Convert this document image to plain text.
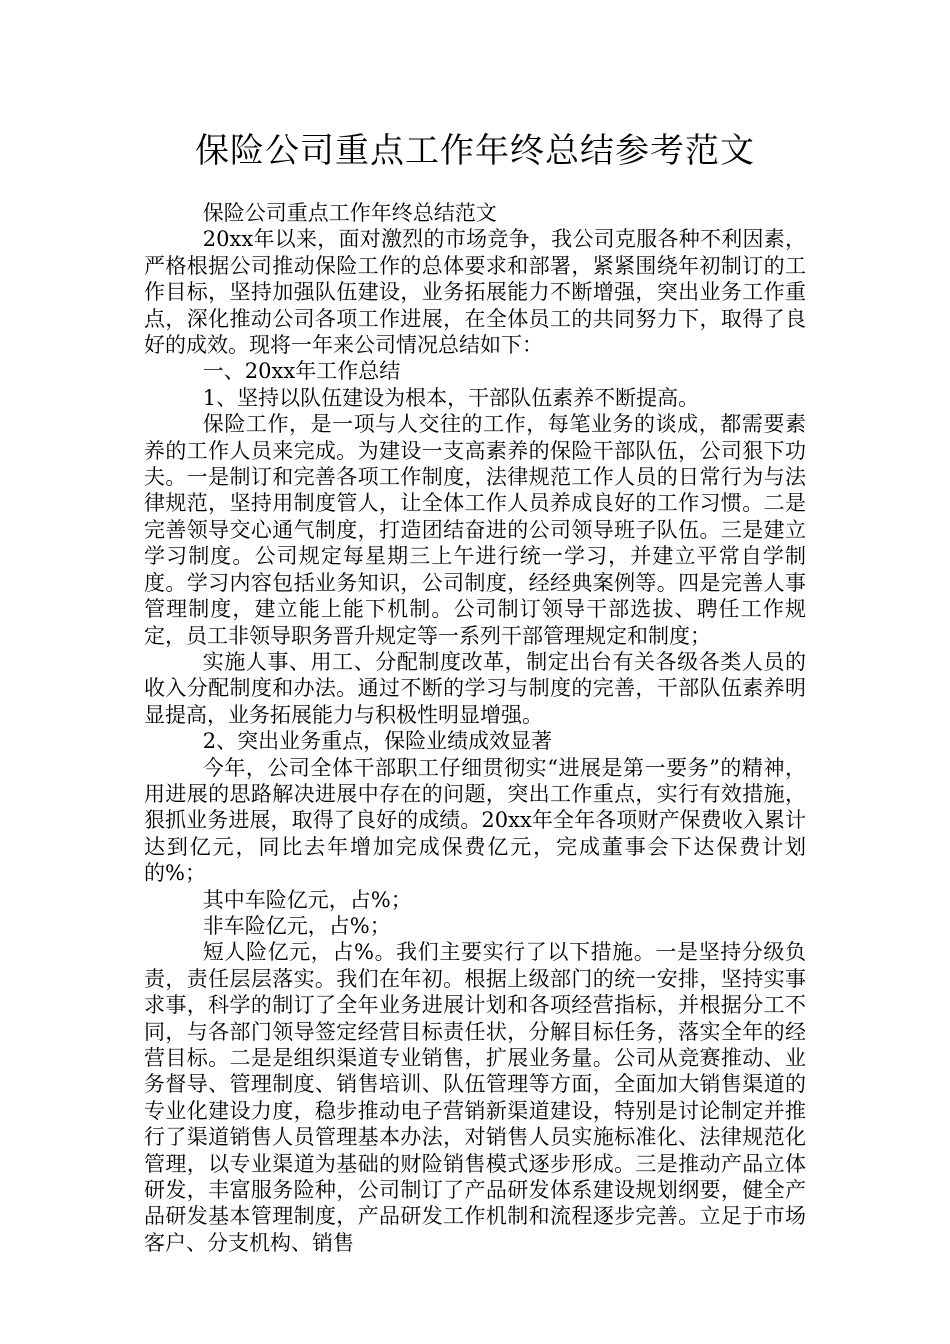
保险公司重点工作年终总结参考范文

保险公司重点工作年终总结范文

20xx年以来，面对激烈的市场竞争，我公司克服各种不利因素，严格根据公司推动保险工作的总体要求和部署，紧紧围绕年初制订的工作目标，坚持加强队伍建设，业务拓展能力不断增强，突出业务工作重点，深化推动公司各项工作进展，在全体员工的共同努力下，取得了良好的成效。现将一年来公司情况总结如下：

一、20xx年工作总结

1、坚持以队伍建设为根本，干部队伍素养不断提高。

保险工作，是一项与人交往的工作，每笔业务的谈成，都需要素养的工作人员来完成。为建设一支高素养的保险干部队伍，公司狠下功夫。一是制订和完善各项工作制度，法律规范工作人员的日常行为与法律规范，坚持用制度管人，让全体工作人员养成良好的工作习惯。二是完善领导交心通气制度，打造团结奋进的公司领导班子队伍。三是建立学习制度。公司规定每星期三上午进行统一学习，并建立平常自学制度。学习内容包括业务知识，公司制度，经经典案例等。四是完善人事管理制度，建立能上能下机制。公司制订领导干部选拔、聘任工作规定，员工非领导职务晋升规定等一系列干部管理规定和制度；

实施人事、用工、分配制度改革，制定出台有关各级各类人员的收入分配制度和办法。通过不断的学习与制度的完善，干部队伍素养明显提高，业务拓展能力与积极性明显增强。

2、突出业务重点，保险业绩成效显著

今年，公司全体干部职工仔细贯彻实“进展是第一要务”的精神，用进展的思路解决进展中存在的问题，突出工作重点，实行有效措施，狠抓业务进展，取得了良好的成绩。20xx年全年各项财产保费收入累计达到亿元，同比去年增加完成保费亿元，完成董事会下达保费计划的%；

其中车险亿元，占%；

非车险亿元，占%；

短人险亿元，占%。我们主要实行了以下措施。一是坚持分级负责，责任层层落实。我们在年初。根据上级部门的统一安排，坚持实事求事，科学的制订了全年业务进展计划和各项经营指标，并根据分工不同，与各部门领导签定经营目标责任状，分解目标任务，落实全年的经营目标。二是是组织渠道专业销售，扩展业务量。公司从竞赛推动、业务督导、管理制度、销售培训、队伍管理等方面，全面加大销售渠道的专业化建设力度，稳步推动电子营销新渠道建设，特别是讨论制定并推行了渠道销售人员管理基本办法，对销售人员实施标准化、法律规范化管理，以专业渠道为基础的财险销售模式逐步形成。三是推动产品立体研发，丰富服务险种，公司制订了产品研发体系建设规划纲要，健全产品研发基本管理制度，产品研发工作机制和流程逐步完善。立足于市场客户、分支机构、销售
